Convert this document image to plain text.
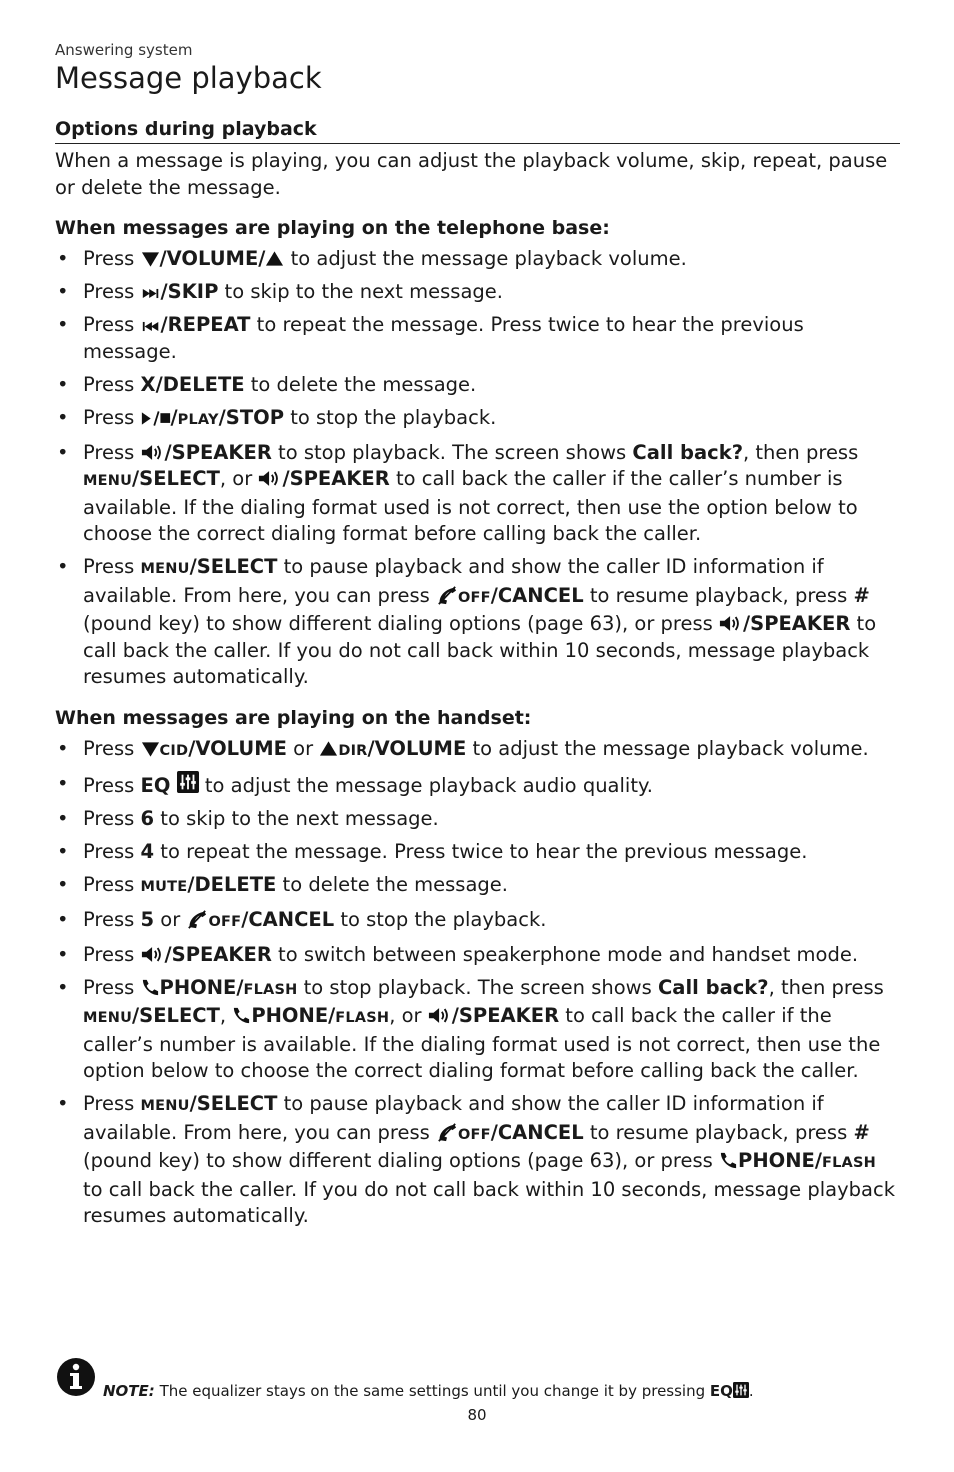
Answering system
Message playback
Options during playback
When a message is playing, you can adjust the playback volume, skip, repeat, pause or delete the message.
When messages are playing on the telephone base:
• Press /VOLUME/ to adjust the message playback volume.
• Press /SKIP to skip to the next message.
• Press /REPEAT to repeat the message. Press twice to hear the previous message.
• Press X/DELETE to delete the message.
• Press /PLAY/STOP to stop the playback.
• Press /SPEAKER to stop playback. The screen shows Call back?, then press MENU/SELECT, or /SPEAKER to call back the caller if the caller’s number is available. If the dialing format used is not correct, then use the option below to choose the correct dialing format before calling back the caller.
• Press MENU/SELECT to pause playback and show the caller ID information if available. From here, you can press OFF/CANCEL to resume playback, press # (pound key) to show different dialing options (page 63), or press /SPEAKER to call back the caller. If you do not call back within 10 seconds, message playback resumes automatically.
When messages are playing on the handset:
• Press CID/VOLUME or DIR/VOLUME to adjust the message playback volume.
• Press EQ  to adjust the message playback audio quality.
• Press 6 to skip to the next message.
• Press 4 to repeat the message. Press twice to hear the previous message.
• Press MUTE/DELETE to delete the message.
• Press 5 or OFF/CANCEL to stop the playback.
• Press /SPEAKER to switch between speakerphone mode and handset mode.
• Press PHONE/FLASH to stop playback. The screen shows Call back?, then press MENU/SELECT, PHONE/FLASH, or /SPEAKER to call back the caller if the caller’s number is available. If the dialing format used is not correct, then use the option below to choose the correct dialing format before calling back the caller.
• Press MENU/SELECT to pause playback and show the caller ID information if available. From here, you can press OFF/CANCEL to resume playback, press # (pound key) to show different dialing options (page 63), or press PHONE/FLASH to call back the caller. If you do not call back within 10 seconds, message playback resumes automatically.
NOTE: The equalizer stays on the same settings until you change it by pressing EQ .
80
